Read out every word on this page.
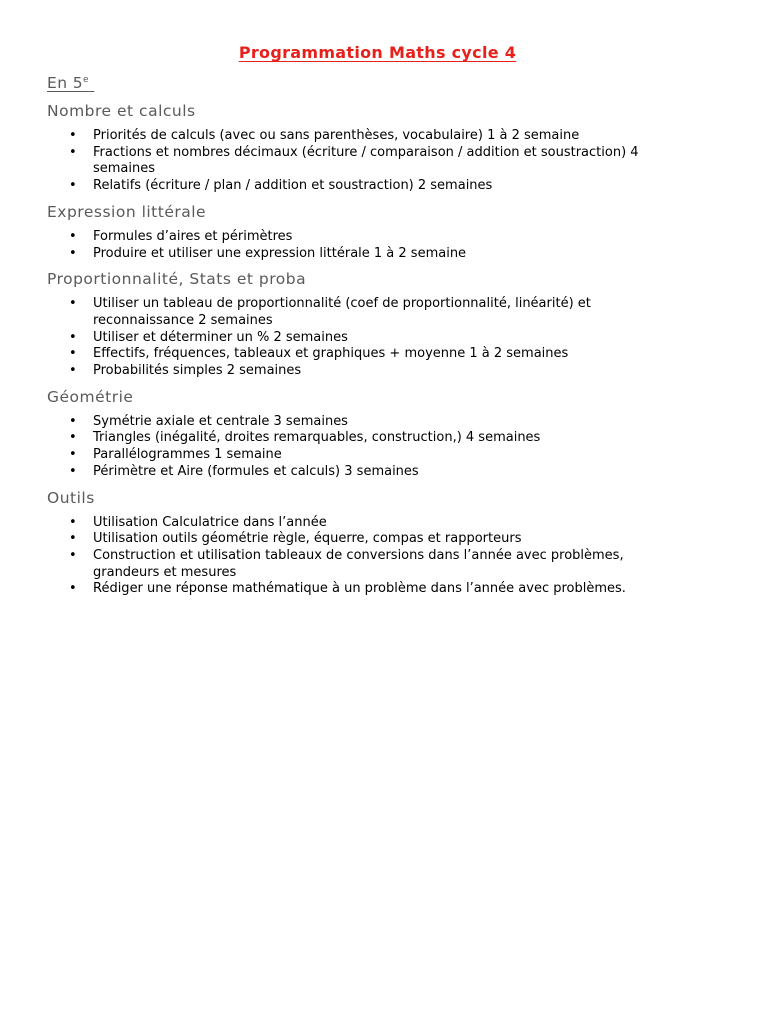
Programmation Maths cycle 4
En 5e
Nombre et calculs
• Priorités de calculs (avec ou sans parenthèses, vocabulaire) 1 à 2 semaine
• Fractions et nombres décimaux (écriture / comparaison / addition et soustraction) 4 semaines
• Relatifs (écriture / plan / addition et soustraction) 2 semaines
Expression littérale
• Formules d’aires et périmètres
• Produire et utiliser une expression littérale 1 à 2 semaine
Proportionnalité, Stats et proba
• Utiliser un tableau de proportionnalité (coef de proportionnalité, linéarité) et reconnaissance 2 semaines
• Utiliser et déterminer un % 2 semaines
• Effectifs, fréquences, tableaux et graphiques + moyenne 1 à 2 semaines
• Probabilités simples 2 semaines
Géométrie
• Symétrie axiale et centrale 3 semaines
• Triangles (inégalité, droites remarquables, construction,) 4 semaines
• Parallélogrammes 1 semaine
• Périmètre et Aire (formules et calculs) 3 semaines
Outils
• Utilisation Calculatrice dans l’année
• Utilisation outils géométrie règle, équerre, compas et rapporteurs
• Construction et utilisation tableaux de conversions dans l’année avec problèmes, grandeurs et mesures
• Rédiger une réponse mathématique à un problème dans l’année avec problèmes.
